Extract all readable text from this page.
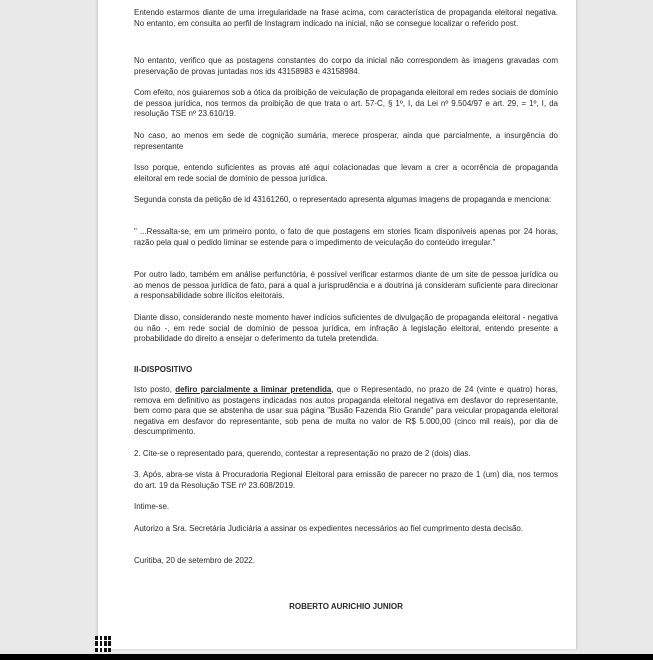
Entendo estarmos diante de uma irregularidade na frase acima, com característica de propaganda eleitoral negativa. No entanto, em consulta ao perfil de Instagram indicado na inicial, não se consegue localizar o referido post.

No entanto, verifico que as postagens constantes do corpo da inicial não correspondem às imagens gravadas com preservação de provas juntadas nos ids 43158983 e 43158984.

Com efeito, nos guiaremos sob a ótica da proibição de veiculação de propaganda eleitoral em redes sociais de domínio de pessoa jurídica, nos termos da proibição de que trata o art. 57-C, § 1º, I, da Lei nº 9.504/97 e art. 29, = 1º, I, da resolução TSE nº 23.610/19.

No caso, ao menos em sede de cognição sumária, merece prosperar, ainda que parcialmente, a insurgência do representante

Isso porque, entendo suficientes as provas até aqui colacionadas que levam a crer a ocorrência de propaganda eleitoral em rede social de domínio de pessoa jurídica.

Segunda consta da petição de id 43161260, o representado apresenta algumas imagens de propaganda e menciona:

" ...Ressalta-se, em um primeiro ponto, o fato de que postagens em stories ficam disponíveis apenas por 24 horas, razão pela qual o pedido liminar se estende para o impedimento de veiculação do conteúdo irregular."

Por outro lado, também em análise perfunctória, é possível verificar estarmos diante de um site de pessoa jurídica ou ao menos de pessoa jurídica de fato, para a qual a jurisprudência e a doutrina já consideram suficiente para direcionar a responsabilidade sobre ilícitos eleitorais.

Diante disso, considerando neste momento haver indícios suficientes de divulgação de propaganda eleitoral - negativa ou não -, em rede social de domínio de pessoa jurídica, em infração à legislação eleitoral, entendo presente a probabilidade do direito a ensejar o deferimento da tutela pretendida.

II-DISPOSITIVO

Isto posto, defiro parcialmente a liminar pretendida, que o Representado, no prazo de 24 (vinte e quatro) horas, remova em definitivo as postagens indicadas nos autos propaganda eleitoral negativa em desfavor do representante, bem como para que se abstenha de usar sua página "Busão Fazenda Rio Grande" para veicular propaganda eleitoral negativa em desfavor do representante, sob pena de multa no valor de R$ 5.000,00 (cinco mil reais), por dia de descumprimento.

2. Cite-se o representado para, querendo, contestar a representação no prazo de 2 (dois) dias.

3. Após, abra-se vista à Procuradoria Regional Eleitoral para emissão de parecer no prazo de 1 (um) dia, nos termos do art. 19 da Resolução TSE nº 23.608/2019.

Intime-se.

Autorizo a Sra. Secretária Judiciária a assinar os expedientes necessários ao fiel cumprimento desta decisão.

Curitiba, 20 de setembro de 2022.

ROBERTO AURICHIO JUNIOR
